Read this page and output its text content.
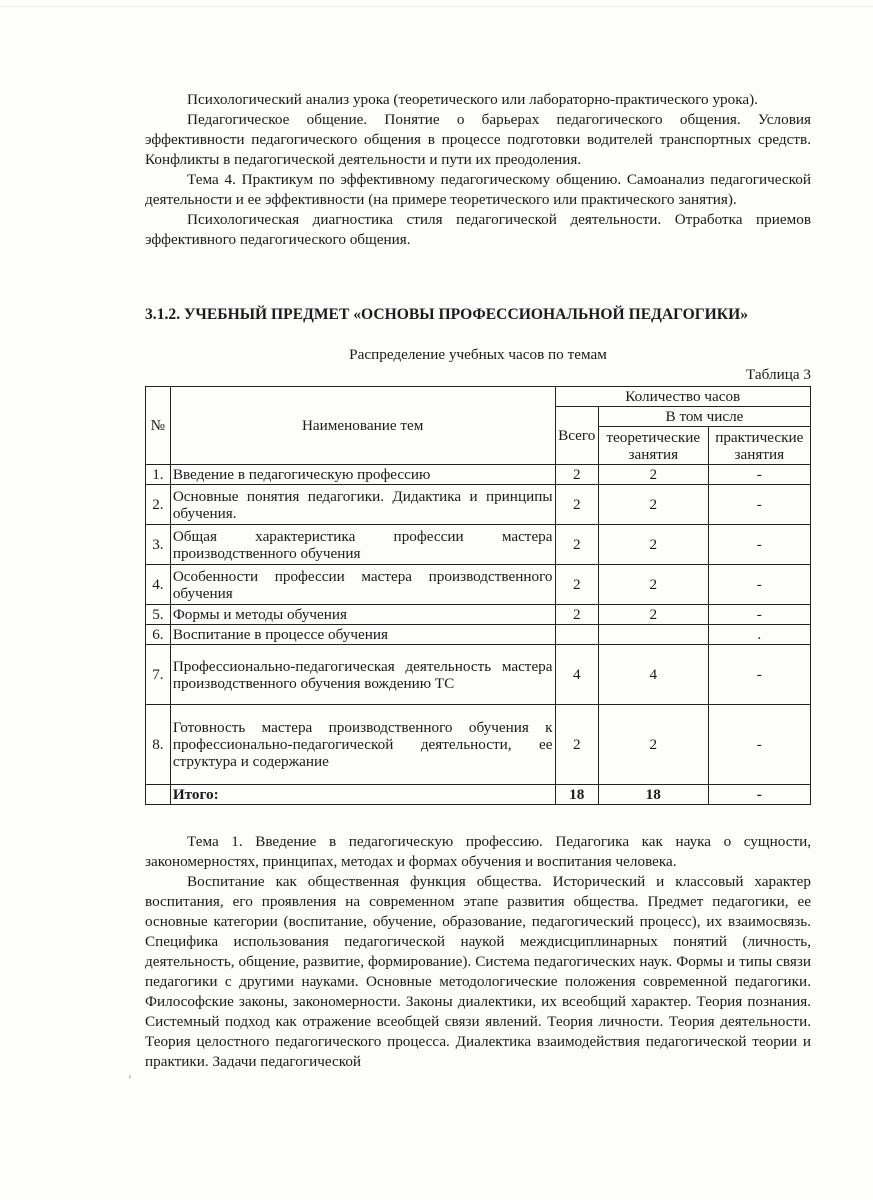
Психологический анализ урока (теоретического или лабораторно-практического урока).

Педагогическое общение. Понятие о барьерах педагогического общения. Условия эффективности педагогического общения в процессе подготовки водителей транспортных средств. Конфликты в педагогической деятельности и пути их преодоления.

Тема 4. Практикум по эффективному педагогическому общению. Самоанализ педагогической деятельности и ее эффективности (на примере теоретического или практического занятия).

Психологическая диагностика стиля педагогической деятельности. Отработка приемов эффективного педагогического общения.

3.1.2. УЧЕБНЫЙ ПРЕДМЕТ «ОСНОВЫ ПРОФЕССИОНАЛЬНОЙ ПЕДАГОГИКИ»
Распределение учебных часов по темам
Таблица 3
№	Наименование тем	Количество часов		
		Всего	В том числе	
			теоретические занятия	практические занятия
1.	Введение в педагогическую профессию	2	2	-
2.	Основные понятия педагогики. Дидактика и принципы обучения.	2	2	-
3.	Общая характеристика профессии мастера производственного обучения	2	2	-
4.	Особенности профессии мастера производственного обучения	2	2	-
5.	Формы и методы обучения	2	2	-
6.	Воспитание в процессе обучения			.
7.	Профессионально-педагогическая деятельность мастера производственного обучения вождению ТС	4	4	-
8.	Готовность мастера производственного обучения к профессионально-педагогической деятельности, ее структура и содержание	2	2	-
	Итого:	18	18	-

Тема 1. Введение в педагогическую профессию. Педагогика как наука о сущности, закономерностях, принципах, методах и формах обучения и воспитания человека.

Воспитание как общественная функция общества. Исторический и классовый характер воспитания, его проявления на современном этапе развития общества. Предмет педагогики, ее основные категории (воспитание, обучение, образование, педагогический процесс), их взаимосвязь. Специфика использования педагогической наукой междисциплинарных понятий (личность, деятельность, общение, развитие, формирование). Система педагогических наук. Формы и типы связи педагогики с другими науками. Основные методологические положения современной педагогики. Философские законы, закономерности. Законы диалектики, их всеобщий характер. Теория познания. Системный подход как отражение всеобщей связи явлений. Теория личности. Теория деятельности. Теория целостного педагогического процесса. Диалектика взаимодействия педагогической теории и практики. Задачи педагогической

ʻ
